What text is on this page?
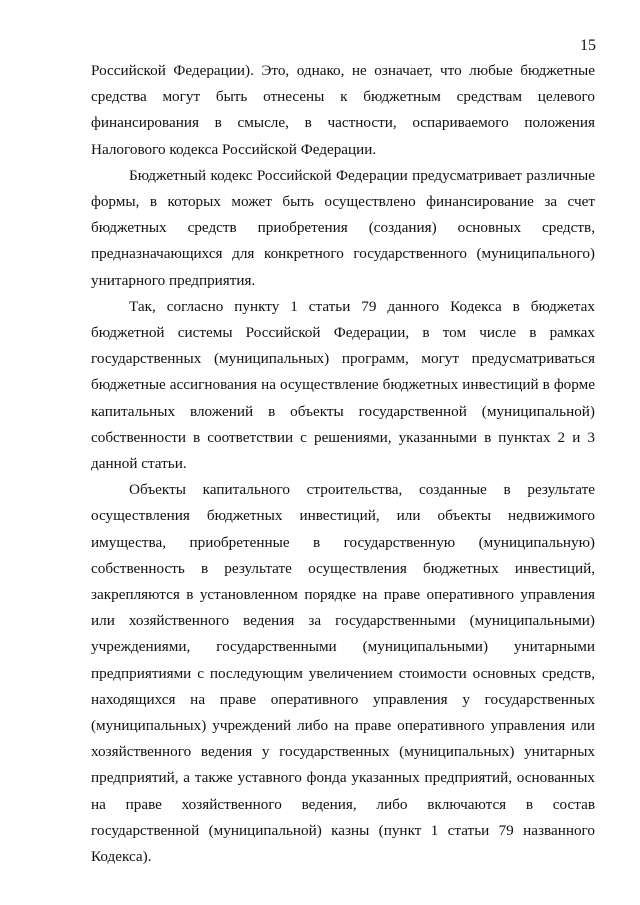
15

Российской Федерации). Это, однако, не означает, что любые бюджетные средства могут быть отнесены к бюджетным средствам целевого финансирования в смысле, в частности, оспариваемого положения Налогового кодекса Российской Федерации.

Бюджетный кодекс Российской Федерации предусматривает различные формы, в которых может быть осуществлено финансирование за счет бюджетных средств приобретения (создания) основных средств, предназначающихся для конкретного государственного (муниципального) унитарного предприятия.

Так, согласно пункту 1 статьи 79 данного Кодекса в бюджетах бюджетной системы Российской Федерации, в том числе в рамках государственных (муниципальных) программ, могут предусматриваться бюджетные ассигнования на осуществление бюджетных инвестиций в форме капитальных вложений в объекты государственной (муниципальной) собственности в соответствии с решениями, указанными в пунктах 2 и 3 данной статьи.

Объекты капитального строительства, созданные в результате осуществления бюджетных инвестиций, или объекты недвижимого имущества, приобретенные в государственную (муниципальную) собственность в результате осуществления бюджетных инвестиций, закрепляются в установленном порядке на праве оперативного управления или хозяйственного ведения за государственными (муниципальными) учреждениями, государственными (муниципальными) унитарными предприятиями с последующим увеличением стоимости основных средств, находящихся на праве оперативного управления у государственных (муниципальных) учреждений либо на праве оперативного управления или хозяйственного ведения у государственных (муниципальных) унитарных предприятий, а также уставного фонда указанных предприятий, основанных на праве хозяйственного ведения, либо включаются в состав государственной (муниципальной) казны (пункт 1 статьи 79 названного Кодекса).
